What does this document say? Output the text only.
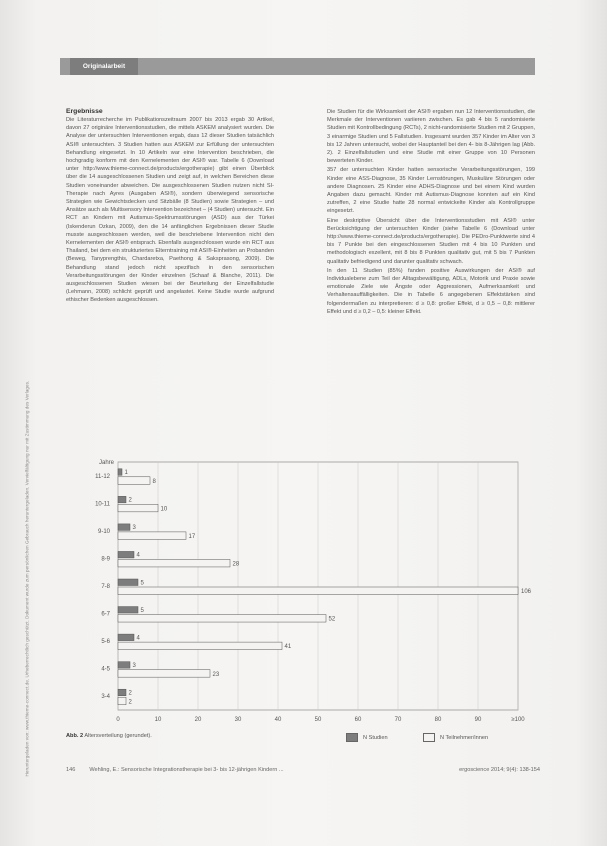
Heruntergeladen von: www.thieme-connect.de. Urheberrechtlich geschützt. Dokument wurde zum persönlichen Gebrauch heruntergeladen. Vervielfältigung nur mit Zustimmung des Verlages.
Originalarbeit
Ergebnisse

Die Literaturrecherche im Publikationszeitraum 2007 bis 2013 ergab 30 Artikel, davon 27 originäre Interventionsstudien, die mittels ASKEM analysiert wurden. Die Analyse der untersuchten Interventionen ergab, dass 12 dieser Studien tatsächlich ASI® untersuchten. 3 Studien hatten aus ASKEM zur Erfüllung der untersuchten Behandlung eingesetzt. In 10 Artikeln war eine Intervention beschrieben, die hochgradig konform mit den Kernelementen der ASI® war. Tabelle 6 (Download unter http://www.thieme-connect.de/products/ergotherapie) gibt einen Überblick über die 14 ausgeschlossenen Studien und zeigt auf, in welchen Bereichen diese Studien voneinander abweichen. Die ausgeschlossenen Studien nutzen nicht SI-Therapie nach Ayres (Ausgaben ASI®), sondern überwiegend sensorische Strategien wie Gewichtsdecken und Sitzbälle (8 Studien) sowie Strategien – und Ansätze auch als Multisensory Intervention bezeichnet – (4 Studien) untersucht. Ein RCT an Kindern mit Autismus-Spektrumsstörungen (ASD) aus der Türkei (Iskenderun Ozkan, 2009), den die 14 anfänglichen Ergebnissen dieser Studie musste ausgeschlossen werden, weil die beschriebene Intervention nicht den Kernelementen der ASI® entsprach. Ebenfalls ausgeschlossen wurde ein RCT aus Thailand, bei dem ein strukturiertes Elterntraining mit ASI®-Einheiten an Probanden (Beweg, Tanyprengthis, Chardaretxa, Paethong & Saksprasong, 2009). Die Behandlung stand jedoch nicht spezifisch in den sensorischen Verarbeitungsstörungen der Kinder einzelnen (Schaaf & Blanche, 2011). Die ausgeschlossenen Studien wiesen bei der Beurteilung der Einzelfallstudie (Lehmann, 2008) schlicht geprüft und angelastet. Keine Studie wurde aufgrund ethischer Bedenken ausgeschlossen.

Die Studien für die Wirksamkeit der ASI® ergaben nun 12 Interventionsstudien, die Merkmale der Interventionen variieren zwischen. Es gab 4 bis 5 randomisierte Studien mit Kontrollbedingung (RCTs), 2 nicht-randomisierte Studien mit 2 Gruppen, 3 einarmige Studien und 5 Fallstudien. Insgesamt wurden 357 Kinder im Alter von 3 bis 12 Jahren untersucht, wobei der Hauptanteil bei den 4- bis 8-Jährigen lag (Abb. 2). 2 Einzelfallstudien und eine Studie mit einer Gruppe von 10 Personen bewerteten Kinder.

357 der untersuchten Kinder hatten sensorische Verarbeitungsstörungen, 199 Kinder eine ASS-Diagnose, 35 Kinder Lernstörungen, Muskuläre Störungen oder andere Diagnosen. 25 Kinder eine ADHS-Diagnose und bei einem Kind wurden Angaben dazu gemacht. Kinder mit Autismus-Diagnose konnten auf ein Kind zutreffen, 2 eine Studie hatte 28 normal entwickelte Kinder als Kontrollgruppe eingesetzt.

Eine deskriptive Übersicht über die Interventionsstudien mit ASI® unter Berücksichtigung der untersuchten Kinder (siehe Tabelle 6 (Download unter http://www.thieme-connect.de/products/ergotherapie). Die PEDro-Punktwerte sind 4 bis 7 Punkte bei den eingeschlossenen Studien mit 4 bis 10 Punkten und methodologisch exzellent, mit 8 bis 8 Punkten qualitativ gut, mit 5 bis 7 Punkten qualitativ befriedigend und darunter qualitativ schwach.

In den 11 Studien (85%) fanden positive Auswirkungen der ASI® auf Individualebene zum Teil der Alltagsbewältigung, ADLs, Motorik und Praxie sowie emotionale Ziele wie Ängste oder Aggressionen, Aufmerksamkeit und Verhaltensauffälligkeiten. Die in Tabelle 6 angegebenen Effektstärken sind folgendermaßen zu interpretieren: d ≥ 0,8: großer Effekt, d ≥ 0,5 – 0,8: mittlerer Effekt und d ≥ 0,2 – 0,5: kleiner Effekt.

0	10	20	30	40	50	60	70	80	90	≥100
Jahre
11-12
1
8
10-11
2
10
9-10
3
17
8-9
4
28
7-8
5
106
6-7
5
52
5-6
4
41
4-5
3
23
3-4
2
2
Abb. 2 Altersverteilung (gerundet).	N Studien	N Teilnehmer/innen
146	Wehling, E.: Sensorische Integrationstherapie bei 3- bis 12-jährigen Kindern ...	ergoscience 2014; 9(4): 138-154
